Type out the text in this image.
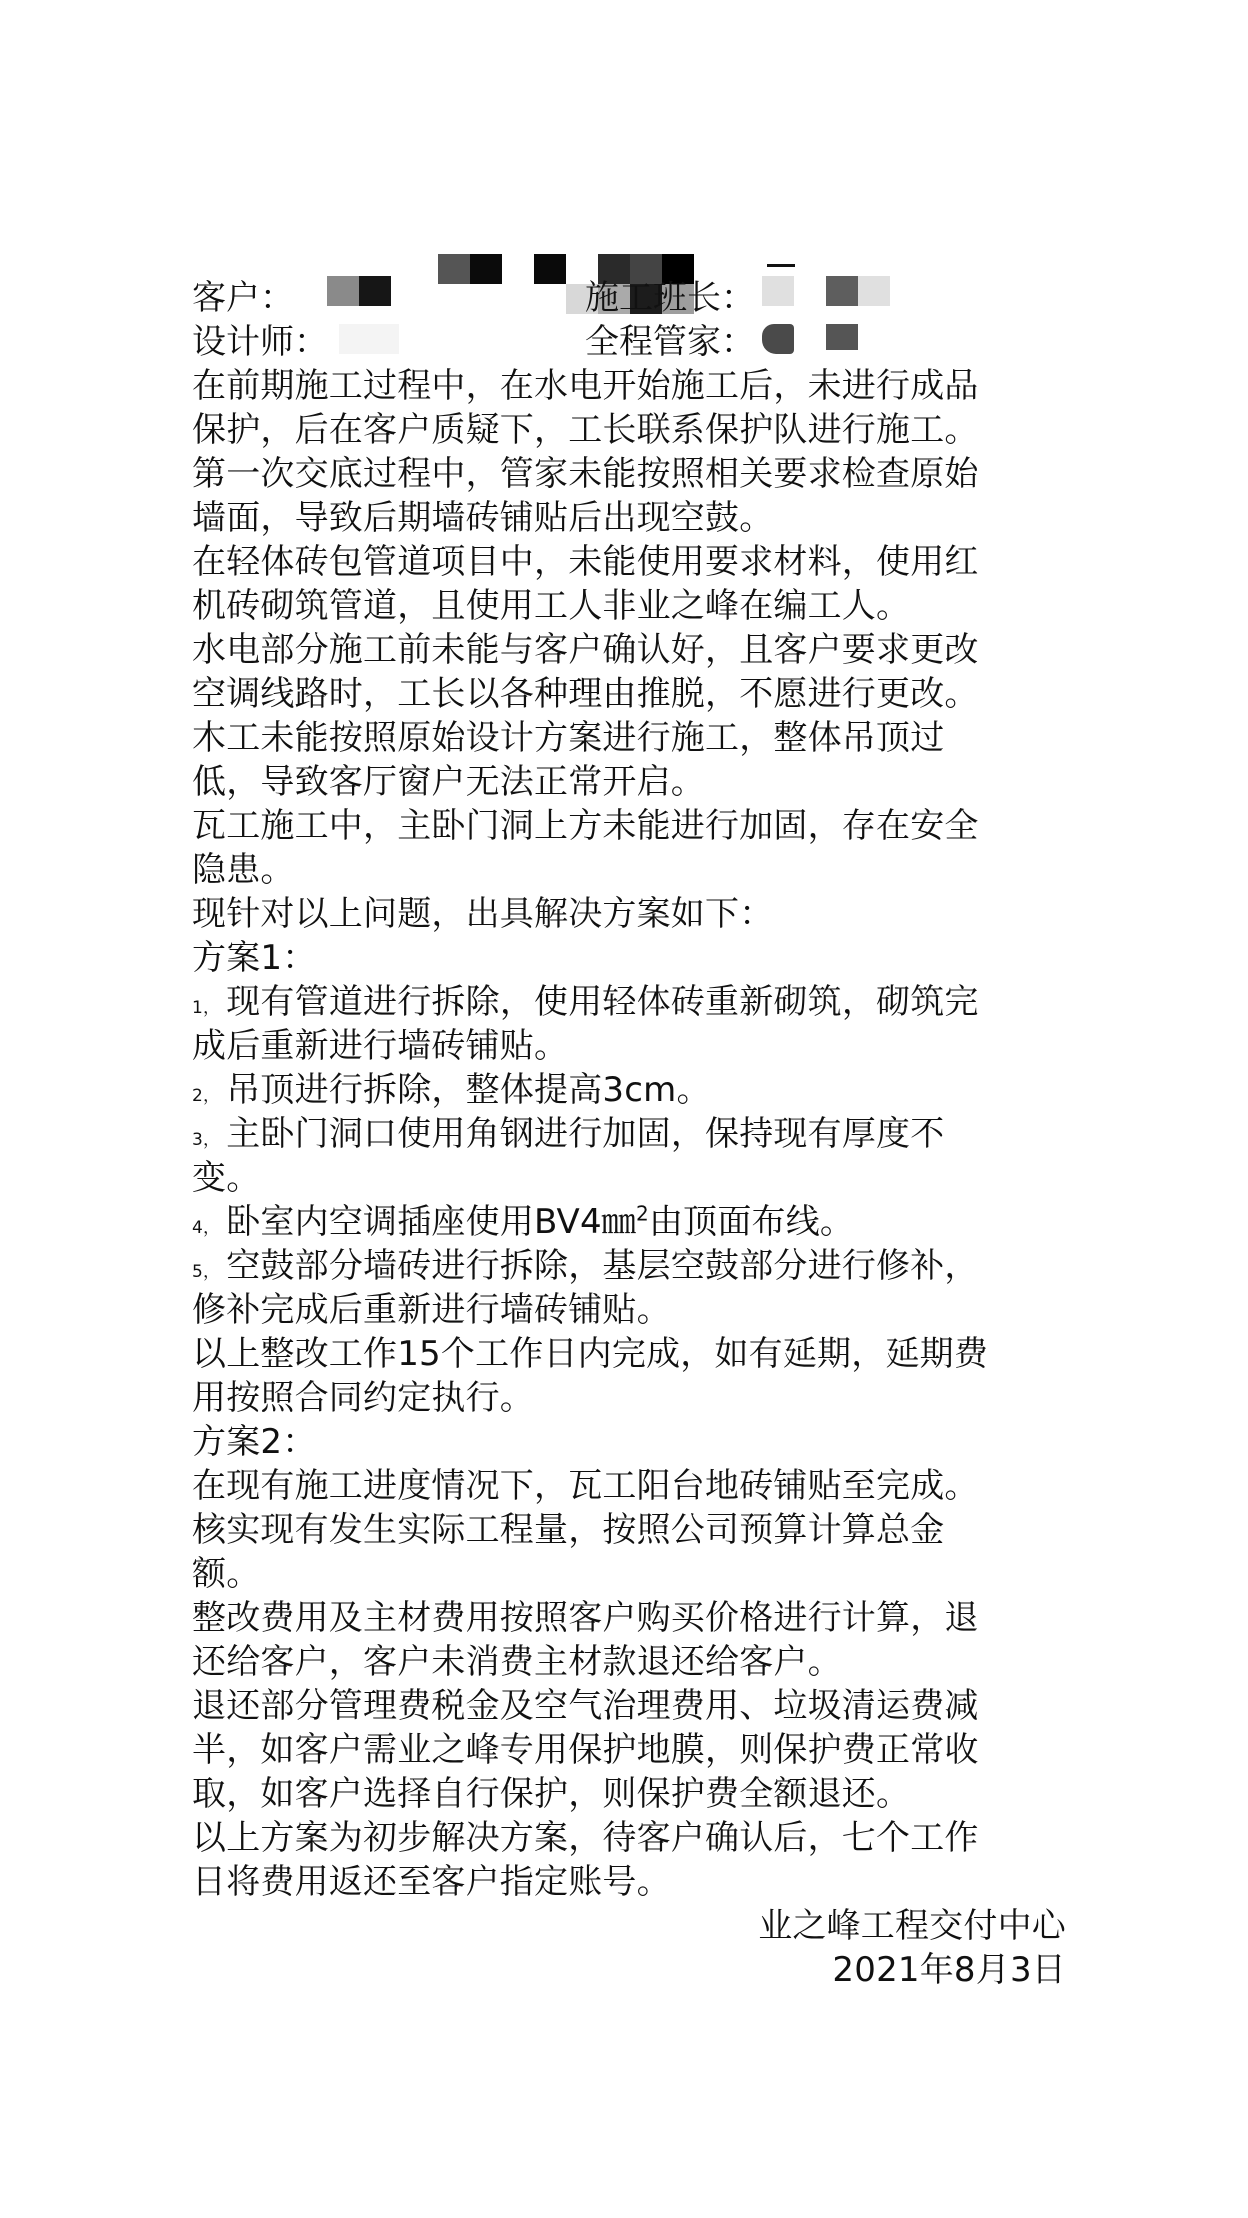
客户：	施工班长：
设计师：	全程管家：
在前期施工过程中，在水电开始施工后，未进行成品
保护，后在客户质疑下，工长联系保护队进行施工。
第一次交底过程中，管家未能按照相关要求检查原始
墙面，导致后期墙砖铺贴后出现空鼓。
在轻体砖包管道项目中，未能使用要求材料，使用红
机砖砌筑管道，且使用工人非业之峰在编工人。
水电部分施工前未能与客户确认好，且客户要求更改
空调线路时，工长以各种理由推脱，不愿进行更改。
木工未能按照原始设计方案进行施工，整体吊顶过
低，导致客厅窗户无法正常开启。
瓦工施工中，主卧门洞上方未能进行加固，存在安全
隐患。
现针对以上问题，出具解决方案如下：
方案1：
1， 现有管道进行拆除，使用轻体砖重新砌筑，砌筑完
成后重新进行墙砖铺贴。
2， 吊顶进行拆除，整体提高3cm。
3， 主卧门洞口使用角钢进行加固，保持现有厚度不
变。
4， 卧室内空调插座使用BV4㎜$^2$由顶面布线。
5， 空鼓部分墙砖进行拆除，基层空鼓部分进行修补，
修补完成后重新进行墙砖铺贴。
以上整改工作15个工作日内完成，如有延期，延期费
用按照合同约定执行。
方案2：
在现有施工进度情况下，瓦工阳台地砖铺贴至完成。
核实现有发生实际工程量，按照公司预算计算总金
额。
整改费用及主材费用按照客户购买价格进行计算，退
还给客户，客户未消费主材款退还给客户。
退还部分管理费税金及空气治理费用、垃圾清运费减
半，如客户需业之峰专用保护地膜，则保护费正常收
取，如客户选择自行保护，则保护费全额退还。
以上方案为初步解决方案，待客户确认后，七个工作
日将费用返还至客户指定账号。
业之峰工程交付中心
2021年8月3日
